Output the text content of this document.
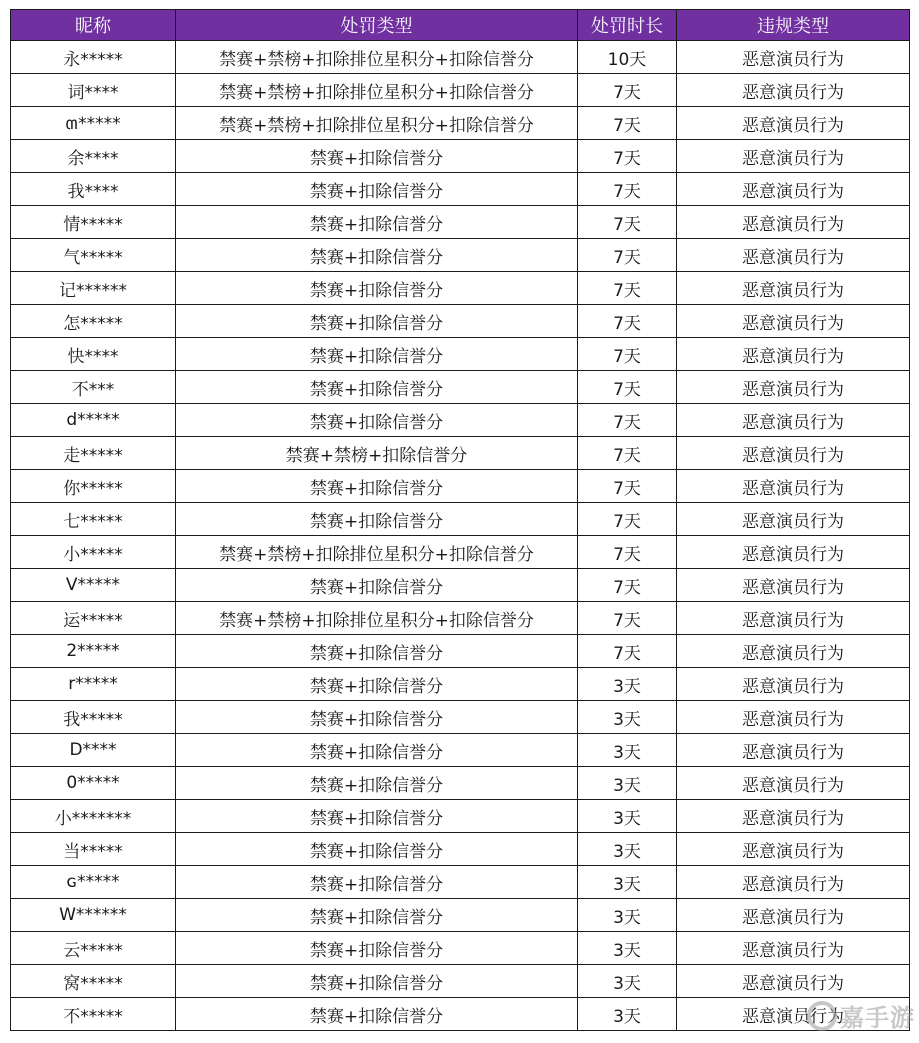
昵称	处罚类型	处罚时长	违规类型
永*****	禁赛+禁榜+扣除排位星积分+扣除信誉分	10天	恶意演员行为
词****	禁赛+禁榜+扣除排位星积分+扣除信誉分	7天	恶意演员行为
ຓ*****	禁赛+禁榜+扣除排位星积分+扣除信誉分	7天	恶意演员行为
余****	禁赛+扣除信誉分	7天	恶意演员行为
我****	禁赛+扣除信誉分	7天	恶意演员行为
情*****	禁赛+扣除信誉分	7天	恶意演员行为
气*****	禁赛+扣除信誉分	7天	恶意演员行为
记******	禁赛+扣除信誉分	7天	恶意演员行为
怎*****	禁赛+扣除信誉分	7天	恶意演员行为
快****	禁赛+扣除信誉分	7天	恶意演员行为
不***	禁赛+扣除信誉分	7天	恶意演员行为
d*****	禁赛+扣除信誉分	7天	恶意演员行为
走*****	禁赛+禁榜+扣除信誉分	7天	恶意演员行为
你*****	禁赛+扣除信誉分	7天	恶意演员行为
七*****	禁赛+扣除信誉分	7天	恶意演员行为
小*****	禁赛+禁榜+扣除排位星积分+扣除信誉分	7天	恶意演员行为
V*****	禁赛+扣除信誉分	7天	恶意演员行为
运*****	禁赛+禁榜+扣除排位星积分+扣除信誉分	7天	恶意演员行为
2*****	禁赛+扣除信誉分	7天	恶意演员行为
r*****	禁赛+扣除信誉分	3天	恶意演员行为
我*****	禁赛+扣除信誉分	3天	恶意演员行为
D****	禁赛+扣除信誉分	3天	恶意演员行为
0*****	禁赛+扣除信誉分	3天	恶意演员行为
小*******	禁赛+扣除信誉分	3天	恶意演员行为
当*****	禁赛+扣除信誉分	3天	恶意演员行为
ɢ*****	禁赛+扣除信誉分	3天	恶意演员行为
W******	禁赛+扣除信誉分	3天	恶意演员行为
云*****	禁赛+扣除信誉分	3天	恶意演员行为
窝*****	禁赛+扣除信誉分	3天	恶意演员行为
不*****	禁赛+扣除信誉分	3天	恶意演员行为
嘉手游
